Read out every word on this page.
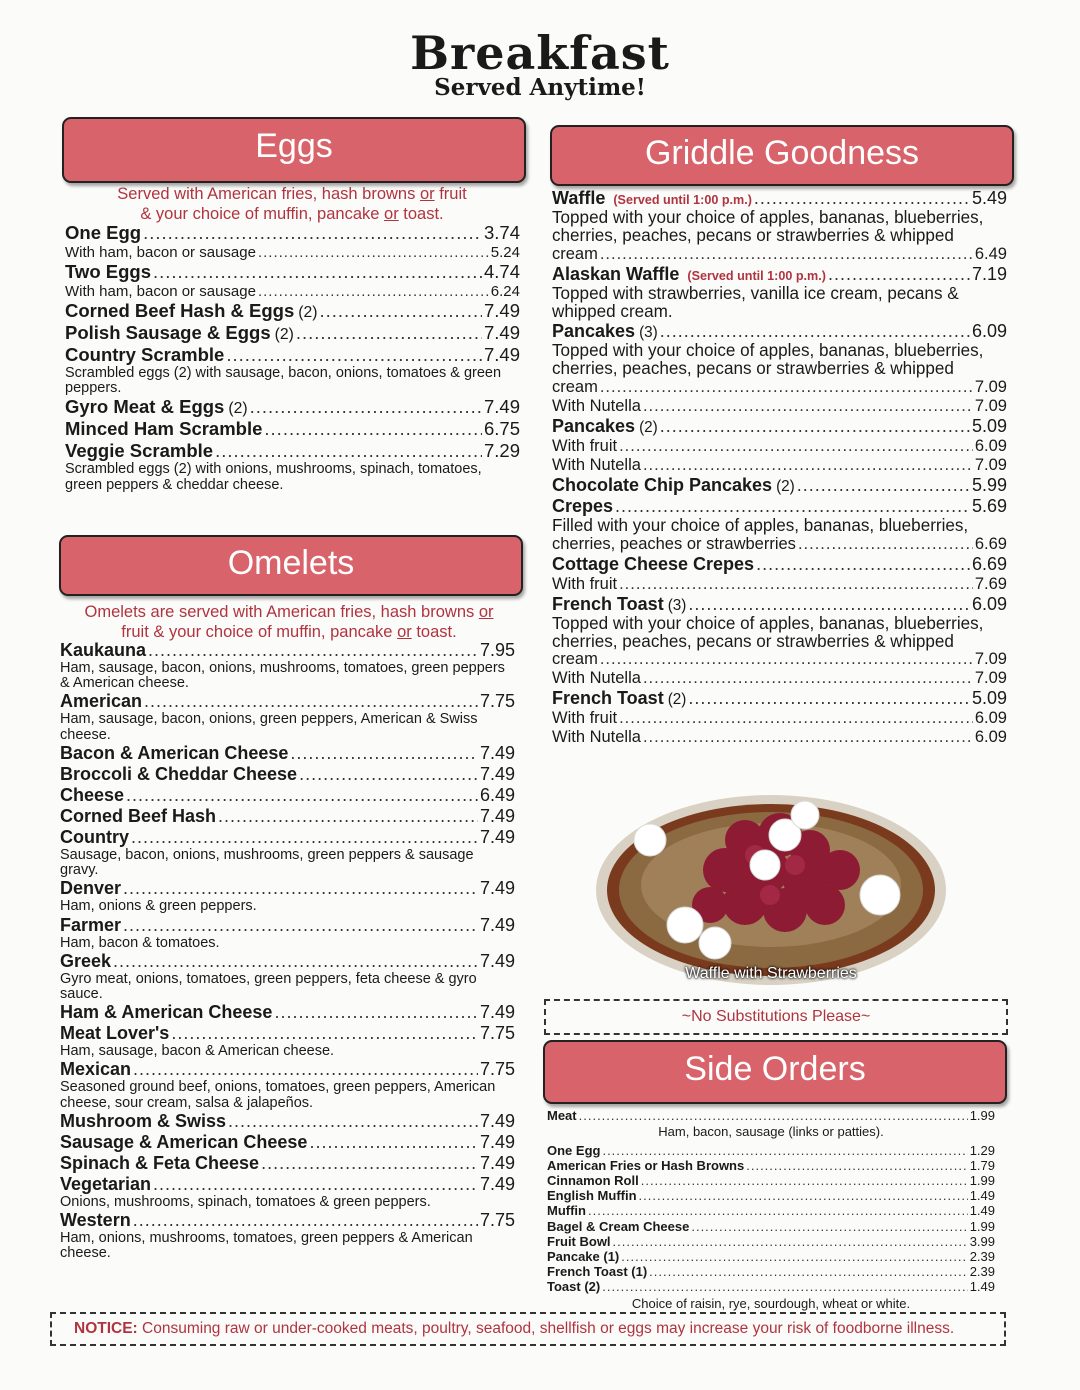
Breakfast
Served Anytime!
Eggs
Served with American fries, hash browns or fruit
& your choice of muffin, pancake or toast.
One Egg .....	3.74
With ham, bacon or sausage .....	5.24
Two Eggs .....	4.74
With ham, bacon or sausage .....	6.24
Corned Beef Hash & Eggs (2) .....	7.49
Polish Sausage & Eggs (2) .....	7.49
Country Scramble .....	7.49
Scrambled eggs (2) with sausage, bacon, onions, tomatoes & green peppers.
Gyro Meat & Eggs (2) .....	7.49
Minced Ham Scramble .....	6.75
Veggie Scramble .....	7.29
Scrambled eggs (2) with onions, mushrooms, spinach, tomatoes, green peppers & cheddar cheese.
Omelets
Omelets are served with American fries, hash browns or
fruit & your choice of muffin, pancake or toast.
Kaukauna .....	7.95
Ham, sausage, bacon, onions, mushrooms, tomatoes, green peppers & American cheese.
American .....	7.75
Ham, sausage, bacon, onions, green peppers, American & Swiss cheese.
Bacon & American Cheese .....	7.49
Broccoli & Cheddar Cheese .....	7.49
Cheese .....	6.49
Corned Beef Hash .....	7.49
Country .....	7.49
Sausage, bacon, onions, mushrooms, green peppers & sausage gravy.
Denver .....	7.49
Ham, onions & green peppers.
Farmer .....	7.49
Ham, bacon & tomatoes.
Greek .....	7.49
Gyro meat, onions, tomatoes, green peppers, feta cheese & gyro sauce.
Ham & American Cheese .....	7.49
Meat Lover's .....	7.75
Ham, sausage, bacon & American cheese.
Mexican .....	7.75
Seasoned ground beef, onions, tomatoes, green peppers, American cheese, sour cream, salsa & jalapeños.
Mushroom & Swiss .....	7.49
Sausage & American Cheese .....	7.49
Spinach & Feta Cheese .....	7.49
Vegetarian .....	7.49
Onions, mushrooms, spinach, tomatoes & green peppers.
Western .....	7.75
Ham, onions, mushrooms, tomatoes, green peppers & American cheese.
Griddle Goodness
Waffle (Served until 1:00 p.m.) .....	5.49
Topped with your choice of apples, bananas, blueberries, cherries, peaches, pecans or strawberries & whipped
cream .....	6.49
Alaskan Waffle (Served until 1:00 p.m.) .....	7.19
Topped with strawberries, vanilla ice cream, pecans & whipped cream.
Pancakes (3) .....	6.09
Topped with your choice of apples, bananas, blueberries, cherries, peaches, pecans or strawberries & whipped
cream .....	7.09
With Nutella .....	7.09
Pancakes (2) .....	5.09
With fruit .....	6.09
With Nutella .....	7.09
Chocolate Chip Pancakes (2) .....	5.99
Crepes .....	5.69
Filled with your choice of apples, bananas, blueberries,
cherries, peaches or strawberries .....	6.69
Cottage Cheese Crepes .....	6.69
With fruit .....	7.69
French Toast (3) .....	6.09
Topped with your choice of apples, bananas, blueberries, cherries, peaches, pecans or strawberries & whipped
cream .....	7.09
With Nutella .....	7.09
French Toast (2) .....	5.09
With fruit .....	6.09
With Nutella .....	6.09
Waffle with Strawberries
~No Substitutions Please~
Side Orders
Meat .....	1.99
Ham, bacon, sausage (links or patties).
One Egg .....	1.29
American Fries or Hash Browns .....	1.79
Cinnamon Roll .....	1.99
English Muffin .....	1.49
Muffin .....	1.49
Bagel & Cream Cheese .....	1.99
Fruit Bowl .....	3.99
Pancake (1) .....	2.39
French Toast (1) .....	2.39
Toast (2) .....	1.49
Choice of raisin, rye, sourdough, wheat or white.
NOTICE: Consuming raw or under-cooked meats, poultry, seafood, shellfish or eggs may increase your risk of foodborne illness.
